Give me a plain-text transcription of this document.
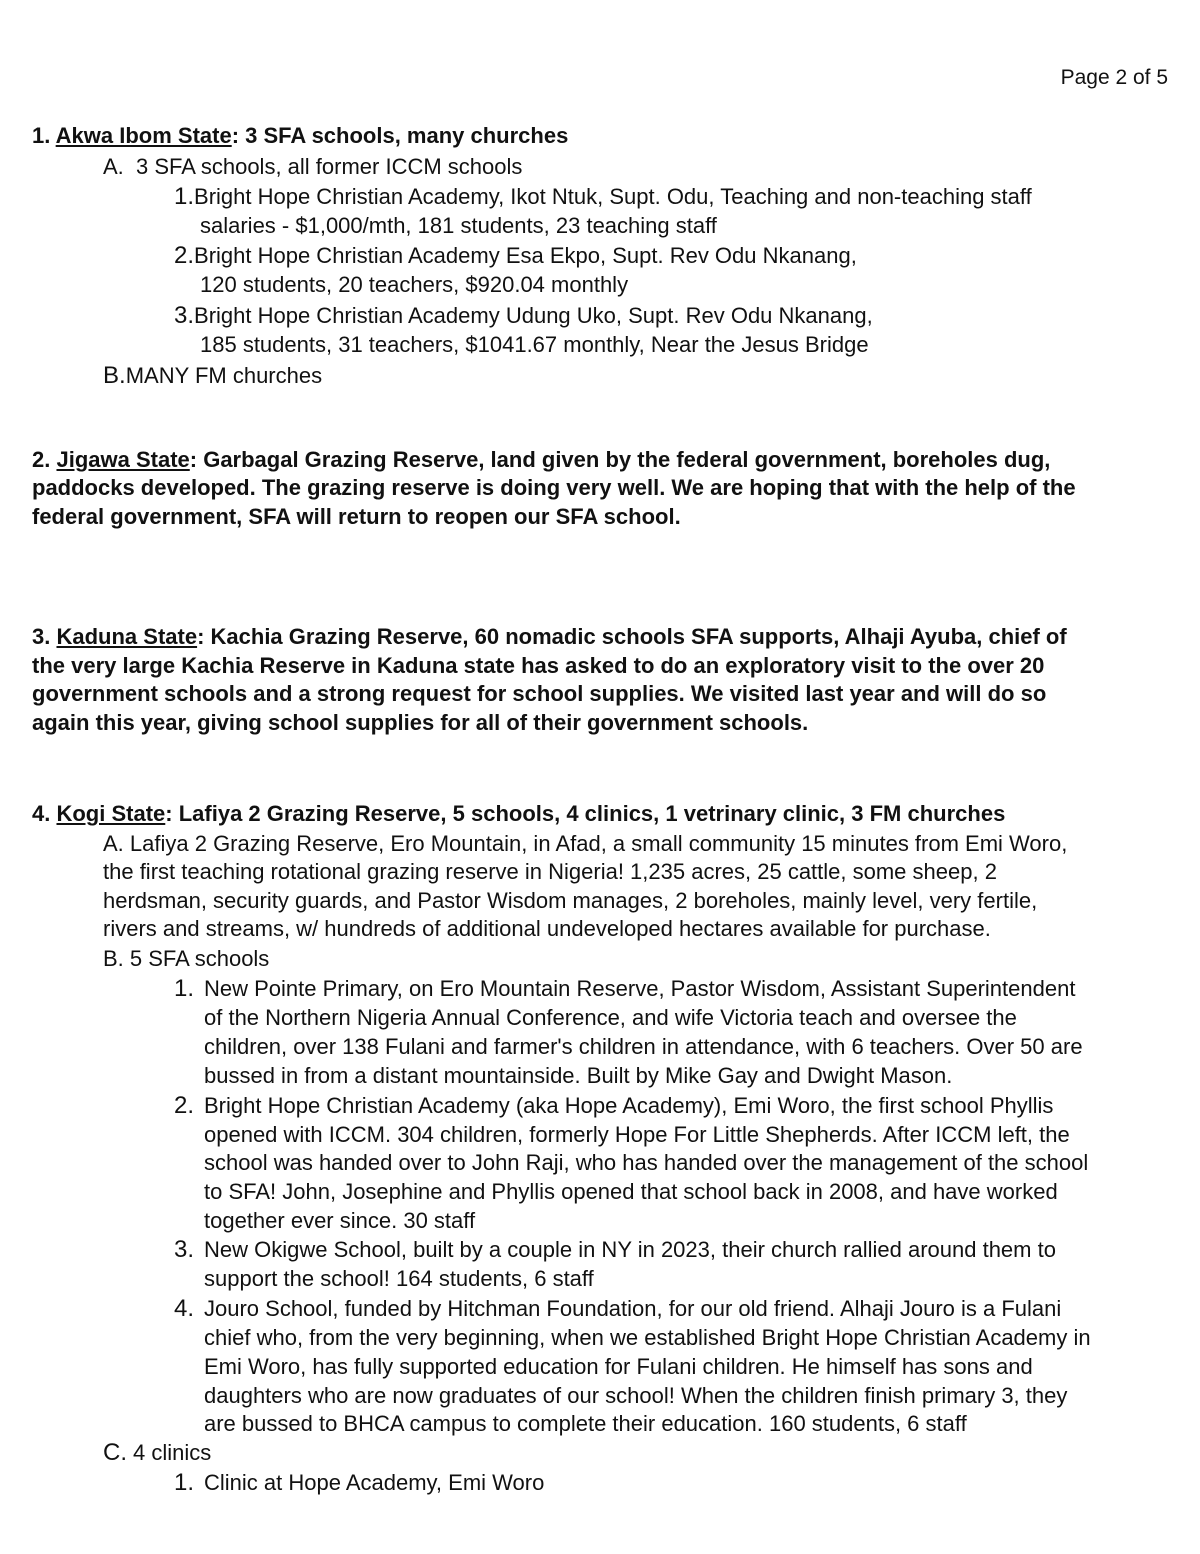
Page 2 of 5
1. Akwa Ibom State: 3 SFA schools, many churches
A. 3 SFA schools, all former ICCM schools
1.Bright Hope Christian Academy, Ikot Ntuk, Supt. Odu, Teaching and non-teaching staff
salaries - $1,000/mth, 181 students, 23 teaching staff
2.Bright Hope Christian Academy Esa Ekpo, Supt. Rev Odu Nkanang,
120 students, 20 teachers, $920.04 monthly
3.Bright Hope Christian Academy Udung Uko, Supt. Rev Odu Nkanang,
185 students, 31 teachers, $1041.67 monthly, Near the Jesus Bridge
B.MANY FM churches
2. Jigawa State: Garbagal Grazing Reserve, land given by the federal government, boreholes dug,
paddocks developed. The grazing reserve is doing very well. We are hoping that with the help of the
federal government, SFA will return to reopen our SFA school.
3. Kaduna State: Kachia Grazing Reserve, 60 nomadic schools SFA supports, Alhaji Ayuba, chief of
the very large Kachia Reserve in Kaduna state has asked to do an exploratory visit to the over 20
government schools and a strong request for school supplies. We visited last year and will do so
again this year, giving school supplies for all of their government schools.
4. Kogi State: Lafiya 2 Grazing Reserve, 5 schools, 4 clinics, 1 vetrinary clinic, 3 FM churches
A. Lafiya 2 Grazing Reserve, Ero Mountain, in Afad, a small community 15 minutes from Emi Woro,
the first teaching rotational grazing reserve in Nigeria! 1,235 acres, 25 cattle, some sheep, 2
herdsman, security guards, and Pastor Wisdom manages, 2 boreholes, mainly level, very fertile,
rivers and streams, w/ hundreds of additional undeveloped hectares available for purchase.
B. 5 SFA schools
1. New Pointe Primary, on Ero Mountain Reserve, Pastor Wisdom, Assistant Superintendent
of the Northern Nigeria Annual Conference, and wife Victoria teach and oversee the
children, over 138 Fulani and farmer's children in attendance, with 6 teachers. Over 50 are
bussed in from a distant mountainside. Built by Mike Gay and Dwight Mason.
2. Bright Hope Christian Academy (aka Hope Academy), Emi Woro, the first school Phyllis
opened with ICCM. 304 children, formerly Hope For Little Shepherds. After ICCM left, the
school was handed over to John Raji, who has handed over the management of the school
to SFA! John, Josephine and Phyllis opened that school back in 2008, and have worked
together ever since. 30 staff
3. New Okigwe School, built by a couple in NY in 2023, their church rallied around them to
support the school! 164 students, 6 staff
4. Jouro School, funded by Hitchman Foundation, for our old friend. Alhaji Jouro is a Fulani
chief who, from the very beginning, when we established Bright Hope Christian Academy in
Emi Woro, has fully supported education for Fulani children. He himself has sons and
daughters who are now graduates of our school! When the children finish primary 3, they
are bussed to BHCA campus to complete their education. 160 students, 6 staff
C. 4 clinics
1. Clinic at Hope Academy, Emi Woro
